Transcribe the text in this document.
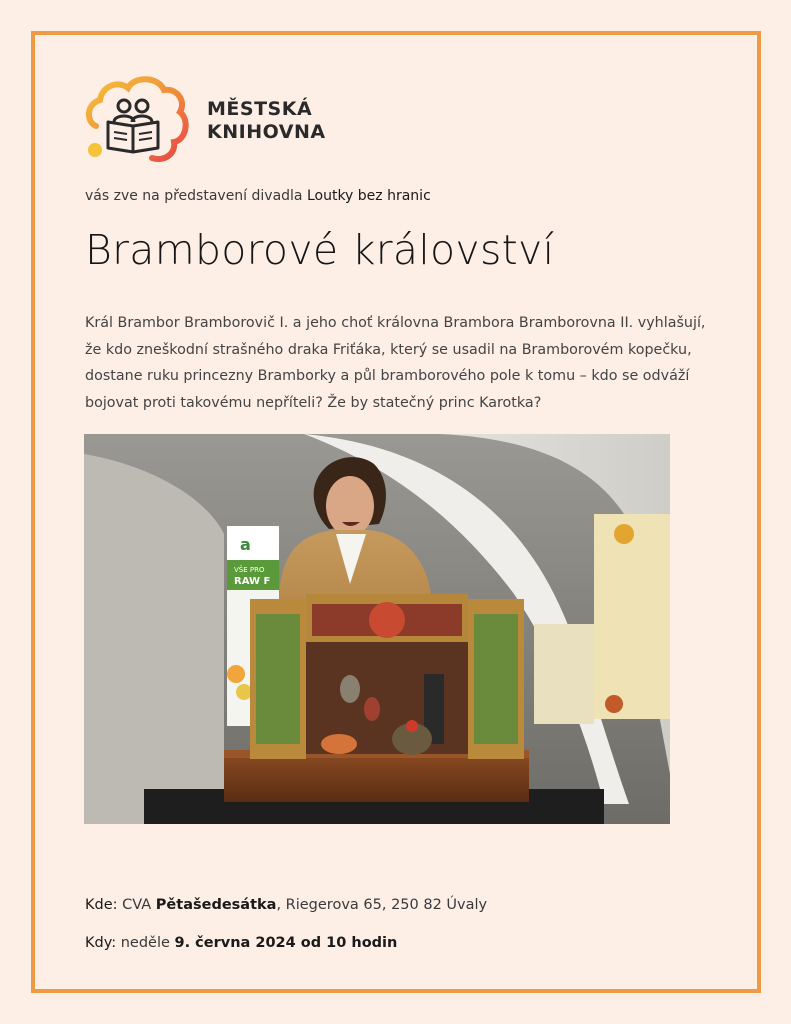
MĚSTSKÁ
KNIHOVNA
vás zve na představení divadla Loutky bez hranic
Bramborové království

Král Brambor Bramborovič I. a jeho choť královna Brambora Bramborovna II. vyhlašují, že kdo zneškodní strašného draka Friťáka, který se usadil na Bramborovém kopečku, dostane ruku princezny Bramborky a půl bramborového pole k tomu – kdo se odváží bojovat proti takovému nepříteli? Že by statečný princ Karotka?

a
VŠE PRO
RAW F
Kde: CVA Pětašedesátka, Riegerova 65, 250 82 Úvaly
Kdy: neděle 9. června 2024 od 10 hodin
